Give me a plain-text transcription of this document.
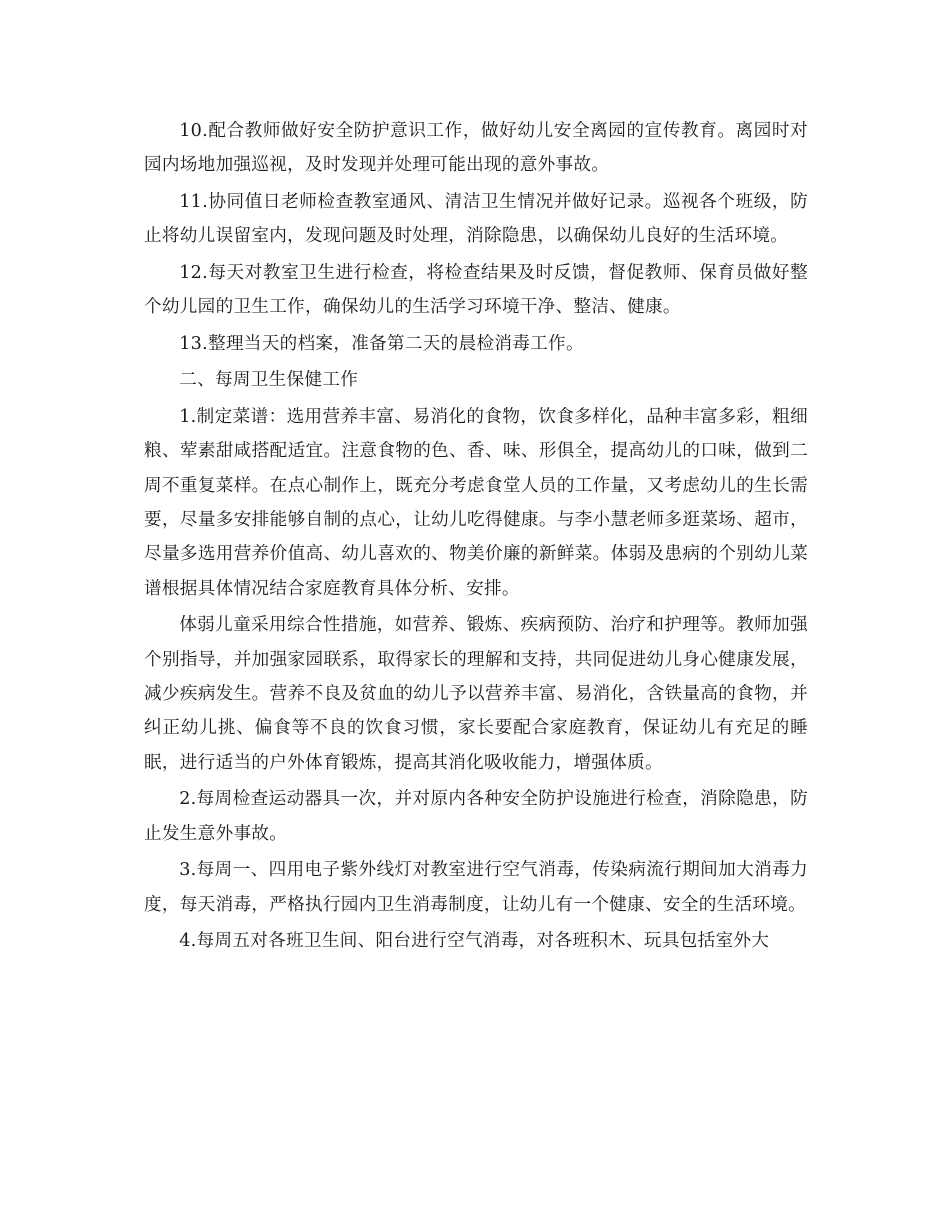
10.配合教师做好安全防护意识工作，做好幼儿安全离园的宣传教育。离园时对园内场地加强巡视，及时发现并处理可能出现的意外事故。

11.协同值日老师检查教室通风、清洁卫生情况并做好记录。巡视各个班级，防止将幼儿误留室内，发现问题及时处理，消除隐患，以确保幼儿良好的生活环境。

12.每天对教室卫生进行检查，将检查结果及时反馈，督促教师、保育员做好整个幼儿园的卫生工作，确保幼儿的生活学习环境干净、整洁、健康。

13.整理当天的档案，准备第二天的晨检消毒工作。

二、每周卫生保健工作

1.制定菜谱：选用营养丰富、易消化的食物，饮食多样化，品种丰富多彩，粗细粮、荤素甜咸搭配适宜。注意食物的色、香、味、形俱全，提高幼儿的口味，做到二周不重复菜样。在点心制作上，既充分考虑食堂人员的工作量，又考虑幼儿的生长需要，尽量多安排能够自制的点心，让幼儿吃得健康。与李小慧老师多逛菜场、超市，尽量多选用营养价值高、幼儿喜欢的、物美价廉的新鲜菜。体弱及患病的个别幼儿菜谱根据具体情况结合家庭教育具体分析、安排。

体弱儿童采用综合性措施，如营养、锻炼、疾病预防、治疗和护理等。教师加强个别指导，并加强家园联系，取得家长的理解和支持，共同促进幼儿身心健康发展，减少疾病发生。营养不良及贫血的幼儿予以营养丰富、易消化，含铁量高的食物，并纠正幼儿挑、偏食等不良的饮食习惯，家长要配合家庭教育，保证幼儿有充足的睡眠，进行适当的户外体育锻炼，提高其消化吸收能力，增强体质。

2.每周检查运动器具一次，并对原内各种安全防护设施进行检查，消除隐患，防止发生意外事故。

3.每周一、四用电子紫外线灯对教室进行空气消毒，传染病流行期间加大消毒力度，每天消毒，严格执行园内卫生消毒制度，让幼儿有一个健康、安全的生活环境。

4.每周五对各班卫生间、阳台进行空气消毒，对各班积木、玩具包括室外大
